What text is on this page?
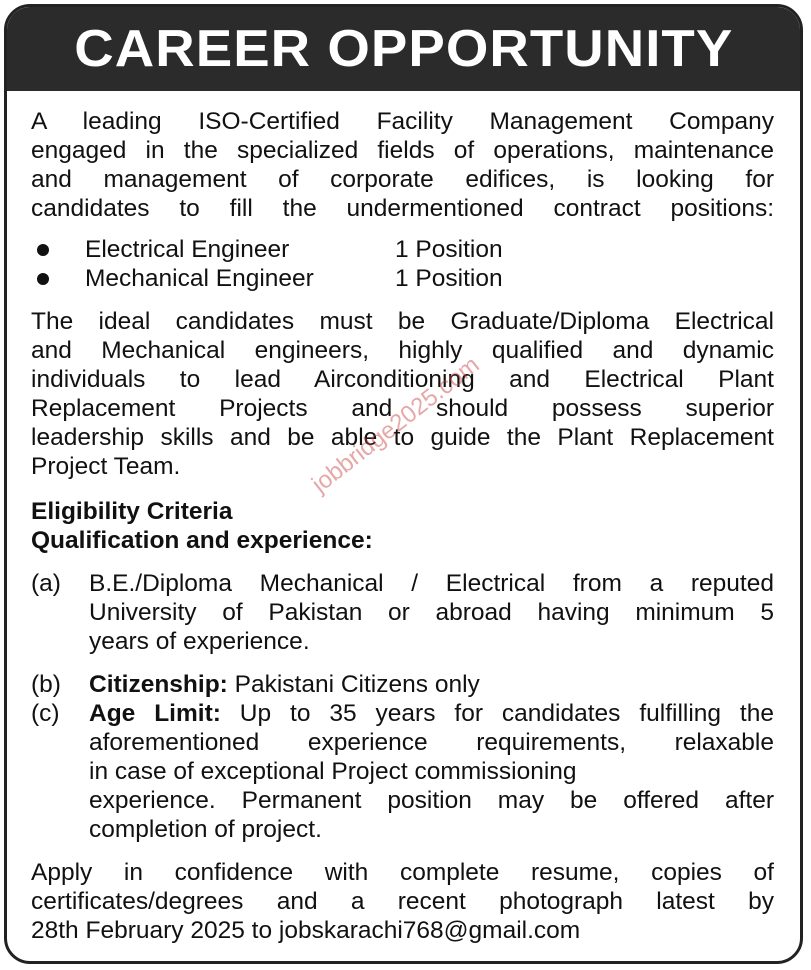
CAREER OPPORTUNITY

A leading ISO-Certified Facility Management Company

engaged in the specialized fields of operations, maintenance

and management of corporate edifices, is looking for

candidates to fill the undermentioned contract positions:

Electrical Engineer	1 Position
Mechanical Engineer	1 Position

The ideal candidates must be Graduate/Diploma Electrical

and Mechanical engineers, highly qualified and dynamic

individuals to lead Airconditioning and Electrical Plant

Replacement Projects and should possess superior

leadership skills and be able to guide the Plant Replacement

Project Team.

Eligibility Criteria

Qualification and experience:

(a)	B.E./Diploma Mechanical / Electrical from a reputed

University of Pakistan or abroad having minimum 5

years of experience.

(b)	Citizenship: Pakistani Citizens only

(c)	Age Limit: Up to 35 years for candidates fulfilling the

aforementioned experience requirements, relaxable

in case of exceptional Project commissioning

experience. Permanent position may be offered after

completion of project.

Apply in confidence with complete resume, copies of

certificates/degrees and a recent photograph latest by

28th February 2025 to jobskarachi768@gmail.com

jobbridge2025.com
